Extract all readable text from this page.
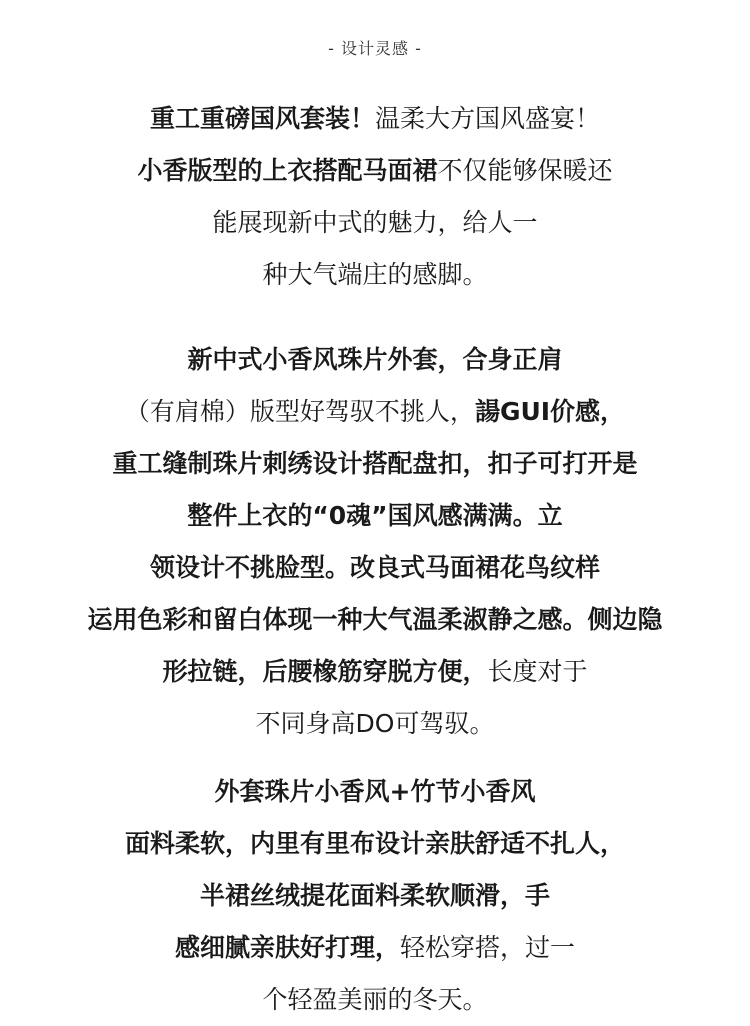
- 设计灵感 -
重工重磅国风套装！温柔大方国风盛宴！
小香版型的上衣搭配马面裙不仅能够保暖还
能展现新中式的魅力，给人一
种大气端庄的感脚。
新中式小香风珠片外套，合身正肩
（有肩棉）版型好驾驭不挑人，諹GUI价感，
重工缝制珠片刺绣设计搭配盘扣，扣子可打开是
整件上衣的“0魂”国风感满满。立
领设计不挑脸型。改良式马面裙花鸟纹样
运用色彩和留白体现一种大气温柔淑静之感。侧边隐
形拉链，后腰橡筋穿脱方便，长度对于
不同身高DO可驾驭。
外套珠片小香风+竹节小香风
面料柔软，内里有里布设计亲肤舒适不扎人，
半裙丝绒提花面料柔软顺滑，手
感细腻亲肤好打理，轻松穿搭，过一
个轻盈美丽的冬天。
